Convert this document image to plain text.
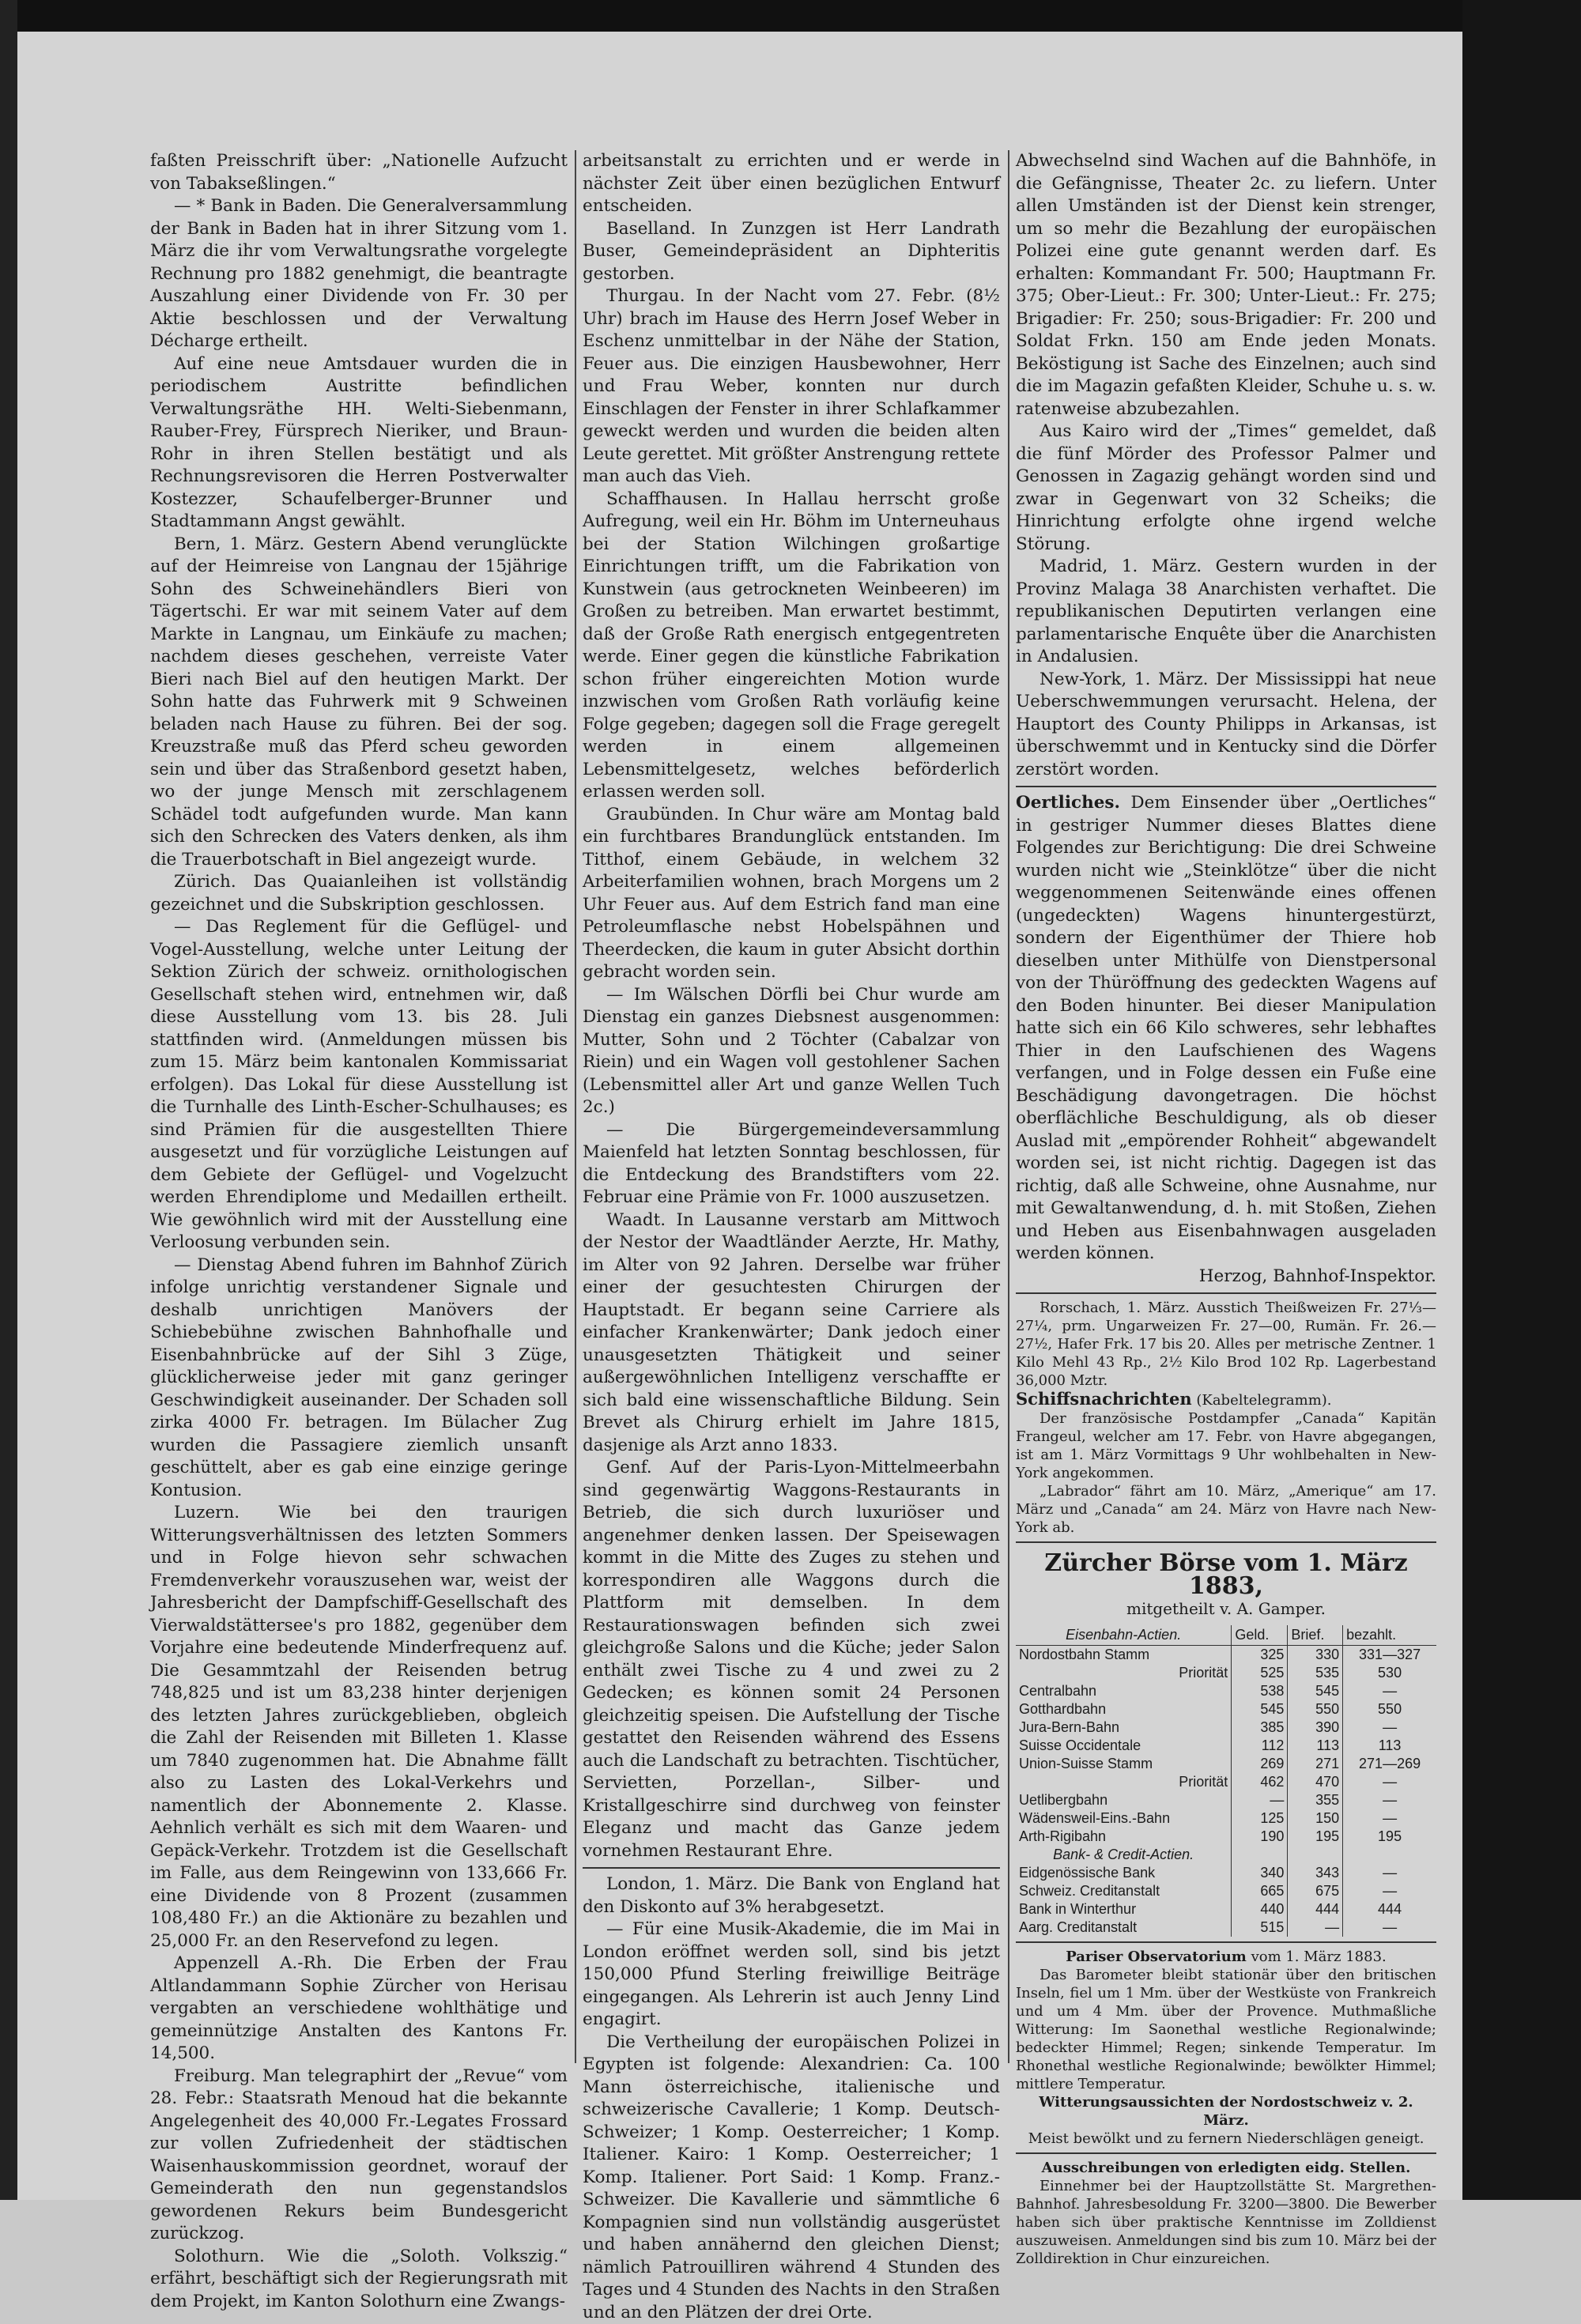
faßten Preisschrift über: „Nationelle Aufzucht von Tabakseßlingen.“

— * Bank in Baden. Die Generalversammlung der Bank in Baden hat in ihrer Sitzung vom 1. März die ihr vom Verwaltungsrathe vorgelegte Rechnung pro 1882 genehmigt, die beantragte Auszahlung einer Dividende von Fr. 30 per Aktie beschlossen und der Verwaltung Décharge ertheilt.

Auf eine neue Amtsdauer wurden die in periodischem Austritte befindlichen Verwaltungsräthe HH. Welti-Siebenmann, Rauber-Frey, Fürsprech Nieriker, und Braun-Rohr in ihren Stellen bestätigt und als Rechnungsrevisoren die Herren Postverwalter Kostezzer, Schaufelberger-Brunner und Stadtammann Angst gewählt.

Bern, 1. März. Gestern Abend verunglückte auf der Heimreise von Langnau der 15jährige Sohn des Schweinehändlers Bieri von Tägertschi. Er war mit seinem Vater auf dem Markte in Langnau, um Einkäufe zu machen; nachdem dieses geschehen, verreiste Vater Bieri nach Biel auf den heutigen Markt. Der Sohn hatte das Fuhrwerk mit 9 Schweinen beladen nach Hause zu führen. Bei der sog. Kreuzstraße muß das Pferd scheu geworden sein und über das Straßenbord gesetzt haben, wo der junge Mensch mit zerschlagenem Schädel todt aufgefunden wurde. Man kann sich den Schrecken des Vaters denken, als ihm die Trauerbotschaft in Biel angezeigt wurde.

Zürich. Das Quaianleihen ist vollständig gezeichnet und die Subskription geschlossen.

— Das Reglement für die Geflügel- und Vogel-Ausstellung, welche unter Leitung der Sektion Zürich der schweiz. ornithologischen Gesellschaft stehen wird, entnehmen wir, daß diese Ausstellung vom 13. bis 28. Juli stattfinden wird. (Anmeldungen müssen bis zum 15. März beim kantonalen Kommissariat erfolgen). Das Lokal für diese Ausstellung ist die Turnhalle des Linth-Escher-Schulhauses; es sind Prämien für die ausgestellten Thiere ausgesetzt und für vorzügliche Leistungen auf dem Gebiete der Geflügel- und Vogelzucht werden Ehrendiplome und Medaillen ertheilt. Wie gewöhnlich wird mit der Ausstellung eine Verloosung verbunden sein.

— Dienstag Abend fuhren im Bahnhof Zürich infolge unrichtig verstandener Signale und deshalb unrichtigen Manövers der Schiebebühne zwischen Bahnhofhalle und Eisenbahnbrücke auf der Sihl 3 Züge, glücklicherweise jeder mit ganz geringer Geschwindigkeit auseinander. Der Schaden soll zirka 4000 Fr. betragen. Im Bülacher Zug wurden die Passagiere ziemlich unsanft geschüttelt, aber es gab eine einzige geringe Kontusion.

Luzern. Wie bei den traurigen Witterungsverhältnissen des letzten Sommers und in Folge hievon sehr schwachen Fremdenverkehr vorauszusehen war, weist der Jahresbericht der Dampfschiff-Gesellschaft des Vierwaldstättersee's pro 1882, gegenüber dem Vorjahre eine bedeutende Minderfrequenz auf. Die Gesammtzahl der Reisenden betrug 748,825 und ist um 83,238 hinter derjenigen des letzten Jahres zurückgeblieben, obgleich die Zahl der Reisenden mit Billeten 1. Klasse um 7840 zugenommen hat. Die Abnahme fällt also zu Lasten des Lokal-Verkehrs und namentlich der Abonnemente 2. Klasse. Aehnlich verhält es sich mit dem Waaren- und Gepäck-Verkehr. Trotzdem ist die Gesellschaft im Falle, aus dem Reingewinn von 133,666 Fr. eine Dividende von 8 Prozent (zusammen 108,480 Fr.) an die Aktionäre zu bezahlen und 25,000 Fr. an den Reservefond zu legen.

Appenzell A.-Rh. Die Erben der Frau Altlandammann Sophie Zürcher von Herisau vergabten an verschiedene wohlthätige und gemeinnützige Anstalten des Kantons Fr. 14,500.

Freiburg. Man telegraphirt der „Revue“ vom 28. Febr.: Staatsrath Menoud hat die bekannte Angelegenheit des 40,000 Fr.-Legates Frossard zur vollen Zufriedenheit der städtischen Waisenhauskommission geordnet, worauf der Gemeinderath den nun gegenstandslos gewordenen Rekurs beim Bundesgericht zurückzog.

Solothurn. Wie die „Soloth. Volkszig.“ erfährt, beschäftigt sich der Regierungsrath mit dem Projekt, im Kanton Solothurn eine Zwangs-

arbeitsanstalt zu errichten und er werde in nächster Zeit über einen bezüglichen Entwurf entscheiden.

Baselland. In Zunzgen ist Herr Landrath Buser, Gemeindepräsident an Diphteritis gestorben.

Thurgau. In der Nacht vom 27. Febr. (8½ Uhr) brach im Hause des Herrn Josef Weber in Eschenz unmittelbar in der Nähe der Station, Feuer aus. Die einzigen Hausbewohner, Herr und Frau Weber, konnten nur durch Einschlagen der Fenster in ihrer Schlafkammer geweckt werden und wurden die beiden alten Leute gerettet. Mit größter Anstrengung rettete man auch das Vieh.

Schaffhausen. In Hallau herrscht große Aufregung, weil ein Hr. Böhm im Unterneuhaus bei der Station Wilchingen großartige Einrichtungen trifft, um die Fabrikation von Kunstwein (aus getrockneten Weinbeeren) im Großen zu betreiben. Man erwartet bestimmt, daß der Große Rath energisch entgegentreten werde. Einer gegen die künstliche Fabrikation schon früher eingereichten Motion wurde inzwischen vom Großen Rath vorläufig keine Folge gegeben; dagegen soll die Frage geregelt werden in einem allgemeinen Lebensmittelgesetz, welches beförderlich erlassen werden soll.

Graubünden. In Chur wäre am Montag bald ein furchtbares Brandunglück entstanden. Im Titthof, einem Gebäude, in welchem 32 Arbeiterfamilien wohnen, brach Morgens um 2 Uhr Feuer aus. Auf dem Estrich fand man eine Petroleumflasche nebst Hobelspähnen und Theerdecken, die kaum in guter Absicht dorthin gebracht worden sein.

— Im Wälschen Dörfli bei Chur wurde am Dienstag ein ganzes Diebsnest ausgenommen: Mutter, Sohn und 2 Töchter (Cabalzar von Riein) und ein Wagen voll gestohlener Sachen (Lebensmittel aller Art und ganze Wellen Tuch 2c.)

— Die Bürgergemeindeversammlung Maienfeld hat letzten Sonntag beschlossen, für die Entdeckung des Brandstifters vom 22. Februar eine Prämie von Fr. 1000 auszusetzen.

Waadt. In Lausanne verstarb am Mittwoch der Nestor der Waadtländer Aerzte, Hr. Mathy, im Alter von 92 Jahren. Derselbe war früher einer der gesuchtesten Chirurgen der Hauptstadt. Er begann seine Carriere als einfacher Krankenwärter; Dank jedoch einer unausgesetzten Thätigkeit und seiner außergewöhnlichen Intelligenz verschaffte er sich bald eine wissenschaftliche Bildung. Sein Brevet als Chirurg erhielt im Jahre 1815, dasjenige als Arzt anno 1833.

Genf. Auf der Paris-Lyon-Mittelmeerbahn sind gegenwärtig Waggons-Restaurants in Betrieb, die sich durch luxuriöser und angenehmer denken lassen. Der Speisewagen kommt in die Mitte des Zuges zu stehen und korrespondiren alle Waggons durch die Plattform mit demselben. In dem Restaurationswagen befinden sich zwei gleichgroße Salons und die Küche; jeder Salon enthält zwei Tische zu 4 und zwei zu 2 Gedecken; es können somit 24 Personen gleichzeitig speisen. Die Aufstellung der Tische gestattet den Reisenden während des Essens auch die Landschaft zu betrachten. Tischtücher, Servietten, Porzellan-, Silber- und Kristallgeschirre sind durchweg von feinster Eleganz und macht das Ganze jedem vornehmen Restaurant Ehre.

London, 1. März. Die Bank von England hat den Diskonto auf 3% herabgesetzt.

— Für eine Musik-Akademie, die im Mai in London eröffnet werden soll, sind bis jetzt 150,000 Pfund Sterling freiwillige Beiträge eingegangen. Als Lehrerin ist auch Jenny Lind engagirt.

Die Vertheilung der europäischen Polizei in Egypten ist folgende: Alexandrien: Ca. 100 Mann österreichische, italienische und schweizerische Cavallerie; 1 Komp. Deutsch-Schweizer; 1 Komp. Oesterreicher; 1 Komp. Italiener. Kairo: 1 Komp. Oesterreicher; 1 Komp. Italiener. Port Said: 1 Komp. Franz.-Schweizer. Die Kavallerie und sämmtliche 6 Kompagnien sind nun vollständig ausgerüstet und haben annähernd den gleichen Dienst; nämlich Patrouilliren während 4 Stunden des Tages und 4 Stunden des Nachts in den Straßen und an den Plätzen der drei Orte.

Abwechselnd sind Wachen auf die Bahnhöfe, in die Gefängnisse, Theater 2c. zu liefern. Unter allen Umständen ist der Dienst kein strenger, um so mehr die Bezahlung der europäischen Polizei eine gute genannt werden darf. Es erhalten: Kommandant Fr. 500; Hauptmann Fr. 375; Ober-Lieut.: Fr. 300; Unter-Lieut.: Fr. 275; Brigadier: Fr. 250; sous-Brigadier: Fr. 200 und Soldat Frkn. 150 am Ende jeden Monats. Beköstigung ist Sache des Einzelnen; auch sind die im Magazin gefaßten Kleider, Schuhe u. s. w. ratenweise abzubezahlen.

Aus Kairo wird der „Times“ gemeldet, daß die fünf Mörder des Professor Palmer und Genossen in Zagazig gehängt worden sind und zwar in Gegenwart von 32 Scheiks; die Hinrichtung erfolgte ohne irgend welche Störung.

Madrid, 1. März. Gestern wurden in der Provinz Malaga 38 Anarchisten verhaftet. Die republikanischen Deputirten verlangen eine parlamentarische Enquête über die Anarchisten in Andalusien.

New-York, 1. März. Der Mississippi hat neue Ueberschwemmungen verursacht. Helena, der Hauptort des County Philipps in Arkansas, ist überschwemmt und in Kentucky sind die Dörfer zerstört worden.

Oertliches. Dem Einsender über „Oertliches“ in gestriger Nummer dieses Blattes diene Folgendes zur Berichtigung: Die drei Schweine wurden nicht wie „Steinklötze“ über die nicht weggenommenen Seitenwände eines offenen (ungedeckten) Wagens hinuntergestürzt, sondern der Eigenthümer der Thiere hob dieselben unter Mithülfe von Dienstpersonal von der Thüröffnung des gedeckten Wagens auf den Boden hinunter. Bei dieser Manipulation hatte sich ein 66 Kilo schweres, sehr lebhaftes Thier in den Laufschienen des Wagens verfangen, und in Folge dessen ein Fuße eine Beschädigung davongetragen. Die höchst oberflächliche Beschuldigung, als ob dieser Auslad mit „empörender Rohheit“ abgewandelt worden sei, ist nicht richtig. Dagegen ist das richtig, daß alle Schweine, ohne Ausnahme, nur mit Gewaltanwendung, d. h. mit Stoßen, Ziehen und Heben aus Eisenbahnwagen ausgeladen werden können.

Herzog, Bahnhof-Inspektor.

Rorschach, 1. März. Ausstich Theißweizen Fr. 27⅓—27¼, prm. Ungarweizen Fr. 27—00, Rumän. Fr. 26.—27½, Hafer Frk. 17 bis 20. Alles per metrische Zentner. 1 Kilo Mehl 43 Rp., 2½ Kilo Brod 102 Rp. Lagerbestand 36,000 Mztr.

Schiffsnachrichten (Kabeltelegramm).

Der französische Postdampfer „Canada“ Kapitän Frangeul, welcher am 17. Febr. von Havre abgegangen, ist am 1. März Vormittags 9 Uhr wohlbehalten in New-York angekommen.

„Labrador“ fährt am 10. März, „Amerique“ am 17. März und „Canada“ am 24. März von Havre nach New-York ab.

Zürcher Börse vom 1. März 1883,
mitgetheilt v. A. Gamper.
Eisenbahn-Actien.	Geld.	Brief.	bezahlt.
Nordostbahn Stamm	325	330	331—327
Priorität	525	535	530
Centralbahn	538	545	—
Gotthardbahn	545	550	550
Jura-Bern-Bahn	385	390	—
Suisse Occidentale	112	113	113
Union-Suisse Stamm	269	271	271—269
Priorität	462	470	—
Uetlibergbahn	—	355	—
Wädensweil-Eins.-Bahn	125	150	—
Arth-Rigibahn	190	195	195
Bank- & Credit-Actien.			
Eidgenössische Bank	340	343	—
Schweiz. Creditanstalt	665	675	—
Bank in Winterthur	440	444	444
Aarg. Creditanstalt	515	—	—

Pariser Observatorium vom 1. März 1883.

Das Barometer bleibt stationär über den britischen Inseln, fiel um 1 Mm. über der Westküste von Frankreich und um 4 Mm. über der Provence. Muthmaßliche Witterung: Im Saonethal westliche Regionalwinde; bedeckter Himmel; Regen; sinkende Temperatur. Im Rhonethal westliche Regionalwinde; bewölkter Himmel; mittlere Temperatur.

Witterungsaussichten der Nordostschweiz v. 2. März.

Meist bewölkt und zu fernern Niederschlägen geneigt.

Ausschreibungen von erledigten eidg. Stellen.

Einnehmer bei der Hauptzollstätte St. Margrethen-Bahnhof. Jahresbesoldung Fr. 3200—3800. Die Bewerber haben sich über praktische Kenntnisse im Zolldienst auszuweisen. Anmeldungen sind bis zum 10. März bei der Zolldirektion in Chur einzureichen.
